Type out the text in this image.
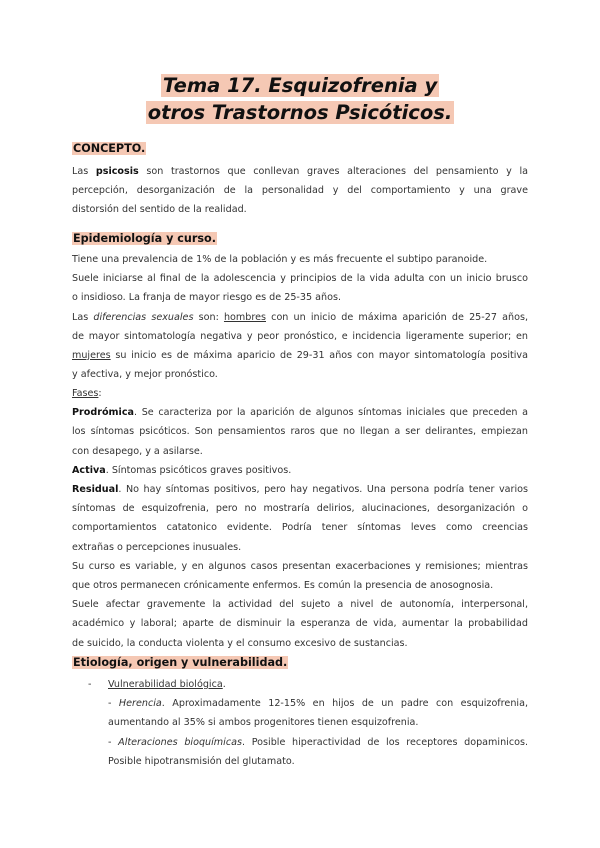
Tema 17. Esquizofrenia y
otros Trastornos Psicóticos.
CONCEPTO.
Las psicosis son trastornos que conllevan graves alteraciones del pensamiento y la
percepción, desorganización de la personalidad y del comportamiento y una grave
distorsión del sentido de la realidad.
Epidemiología y curso.
Tiene una prevalencia de 1% de la población y es más frecuente el subtipo paranoide.
Suele iniciarse al final de la adolescencia y principios de la vida adulta con un inicio brusco
o insidioso. La franja de mayor riesgo es de 25-35 años.
Las diferencias sexuales son: hombres con un inicio de máxima aparición de 25-27 años,
de mayor sintomatología negativa y peor pronóstico, e incidencia ligeramente superior; en
mujeres su inicio es de máxima aparicio de 29-31 años con mayor sintomatología positiva
y afectiva, y mejor pronóstico.
Fases:
Prodrómica. Se caracteriza por la aparición de algunos síntomas iniciales que preceden a
los síntomas psicóticos. Son pensamientos raros que no llegan a ser delirantes, empiezan
con desapego, y a asilarse.
Activa. Síntomas psicóticos graves positivos.
Residual. No hay síntomas positivos, pero hay negativos. Una persona podría tener varios
síntomas de esquizofrenia, pero no mostraría delirios, alucinaciones, desorganización o
comportamientos catatonico evidente. Podría tener síntomas leves como creencias
extrañas o percepciones inusuales.
Su curso es variable, y en algunos casos presentan exacerbaciones y remisiones; mientras
que otros permanecen crónicamente enfermos. Es común la presencia de anosognosia.
Suele afectar gravemente la actividad del sujeto a nivel de autonomía, interpersonal,
académico y laboral; aparte de disminuir la esperanza de vida, aumentar la probabilidad
de suicido, la conducta violenta y el consumo excesivo de sustancias.
Etiología, origen y vulnerabilidad.
- Vulnerabilidad biológica.
- Herencia. Aproximadamente 12-15% en hijos de un padre con esquizofrenia,
aumentando al 35% si ambos progenitores tienen esquizofrenia.
- Alteraciones bioquímicas. Posible hiperactividad de los receptores dopaminicos.
Posible hipotransmisión del glutamato.
